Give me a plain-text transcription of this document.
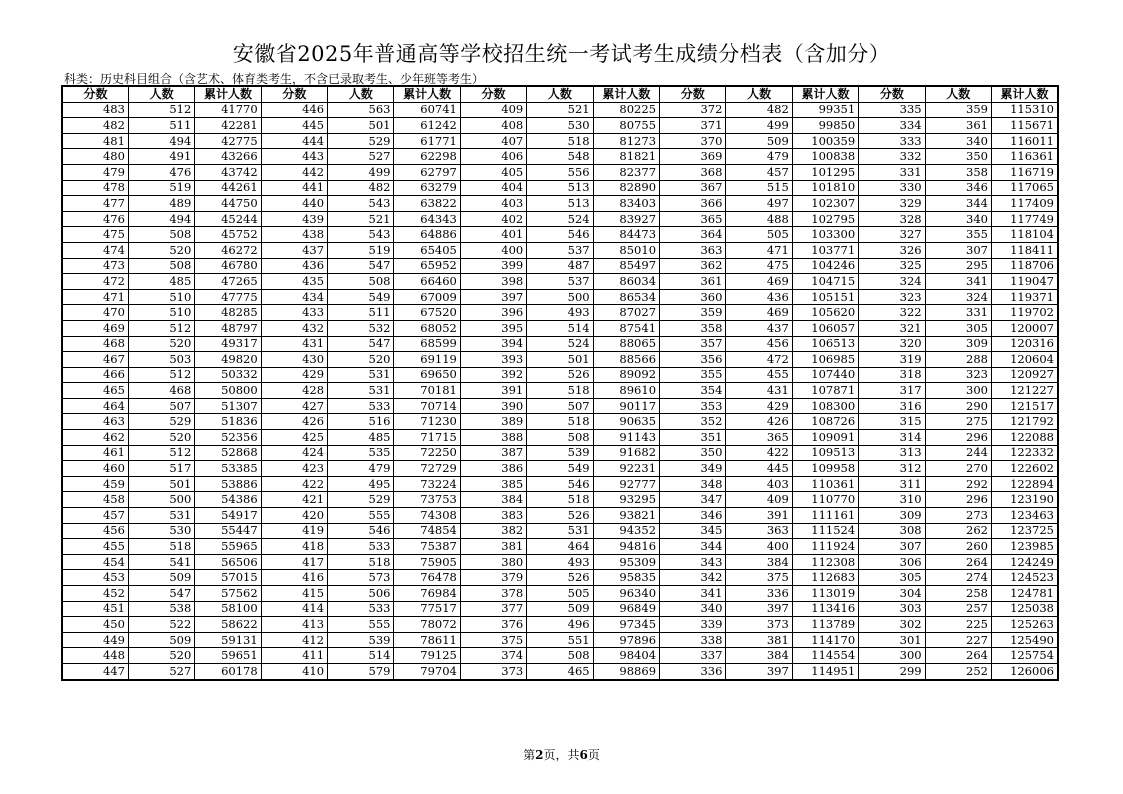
安徽省2025年普通高等学校招生统一考试考生成绩分档表（含加分）
科类：历史科目组合（含艺术、体育类考生，不含已录取考生、少年班等考生）
分数	人数	累计人数	分数	人数	累计人数	分数	人数	累计人数	分数	人数	累计人数	分数	人数	累计人数
483	512	41770	446	563	60741	409	521	80225	372	482	99351	335	359	115310
482	511	42281	445	501	61242	408	530	80755	371	499	99850	334	361	115671
481	494	42775	444	529	61771	407	518	81273	370	509	100359	333	340	116011
480	491	43266	443	527	62298	406	548	81821	369	479	100838	332	350	116361
479	476	43742	442	499	62797	405	556	82377	368	457	101295	331	358	116719
478	519	44261	441	482	63279	404	513	82890	367	515	101810	330	346	117065
477	489	44750	440	543	63822	403	513	83403	366	497	102307	329	344	117409
476	494	45244	439	521	64343	402	524	83927	365	488	102795	328	340	117749
475	508	45752	438	543	64886	401	546	84473	364	505	103300	327	355	118104
474	520	46272	437	519	65405	400	537	85010	363	471	103771	326	307	118411
473	508	46780	436	547	65952	399	487	85497	362	475	104246	325	295	118706
472	485	47265	435	508	66460	398	537	86034	361	469	104715	324	341	119047
471	510	47775	434	549	67009	397	500	86534	360	436	105151	323	324	119371
470	510	48285	433	511	67520	396	493	87027	359	469	105620	322	331	119702
469	512	48797	432	532	68052	395	514	87541	358	437	106057	321	305	120007
468	520	49317	431	547	68599	394	524	88065	357	456	106513	320	309	120316
467	503	49820	430	520	69119	393	501	88566	356	472	106985	319	288	120604
466	512	50332	429	531	69650	392	526	89092	355	455	107440	318	323	120927
465	468	50800	428	531	70181	391	518	89610	354	431	107871	317	300	121227
464	507	51307	427	533	70714	390	507	90117	353	429	108300	316	290	121517
463	529	51836	426	516	71230	389	518	90635	352	426	108726	315	275	121792
462	520	52356	425	485	71715	388	508	91143	351	365	109091	314	296	122088
461	512	52868	424	535	72250	387	539	91682	350	422	109513	313	244	122332
460	517	53385	423	479	72729	386	549	92231	349	445	109958	312	270	122602
459	501	53886	422	495	73224	385	546	92777	348	403	110361	311	292	122894
458	500	54386	421	529	73753	384	518	93295	347	409	110770	310	296	123190
457	531	54917	420	555	74308	383	526	93821	346	391	111161	309	273	123463
456	530	55447	419	546	74854	382	531	94352	345	363	111524	308	262	123725
455	518	55965	418	533	75387	381	464	94816	344	400	111924	307	260	123985
454	541	56506	417	518	75905	380	493	95309	343	384	112308	306	264	124249
453	509	57015	416	573	76478	379	526	95835	342	375	112683	305	274	124523
452	547	57562	415	506	76984	378	505	96340	341	336	113019	304	258	124781
451	538	58100	414	533	77517	377	509	96849	340	397	113416	303	257	125038
450	522	58622	413	555	78072	376	496	97345	339	373	113789	302	225	125263
449	509	59131	412	539	78611	375	551	97896	338	381	114170	301	227	125490
448	520	59651	411	514	79125	374	508	98404	337	384	114554	300	264	125754
447	527	60178	410	579	79704	373	465	98869	336	397	114951	299	252	126006
第2页，共6页
